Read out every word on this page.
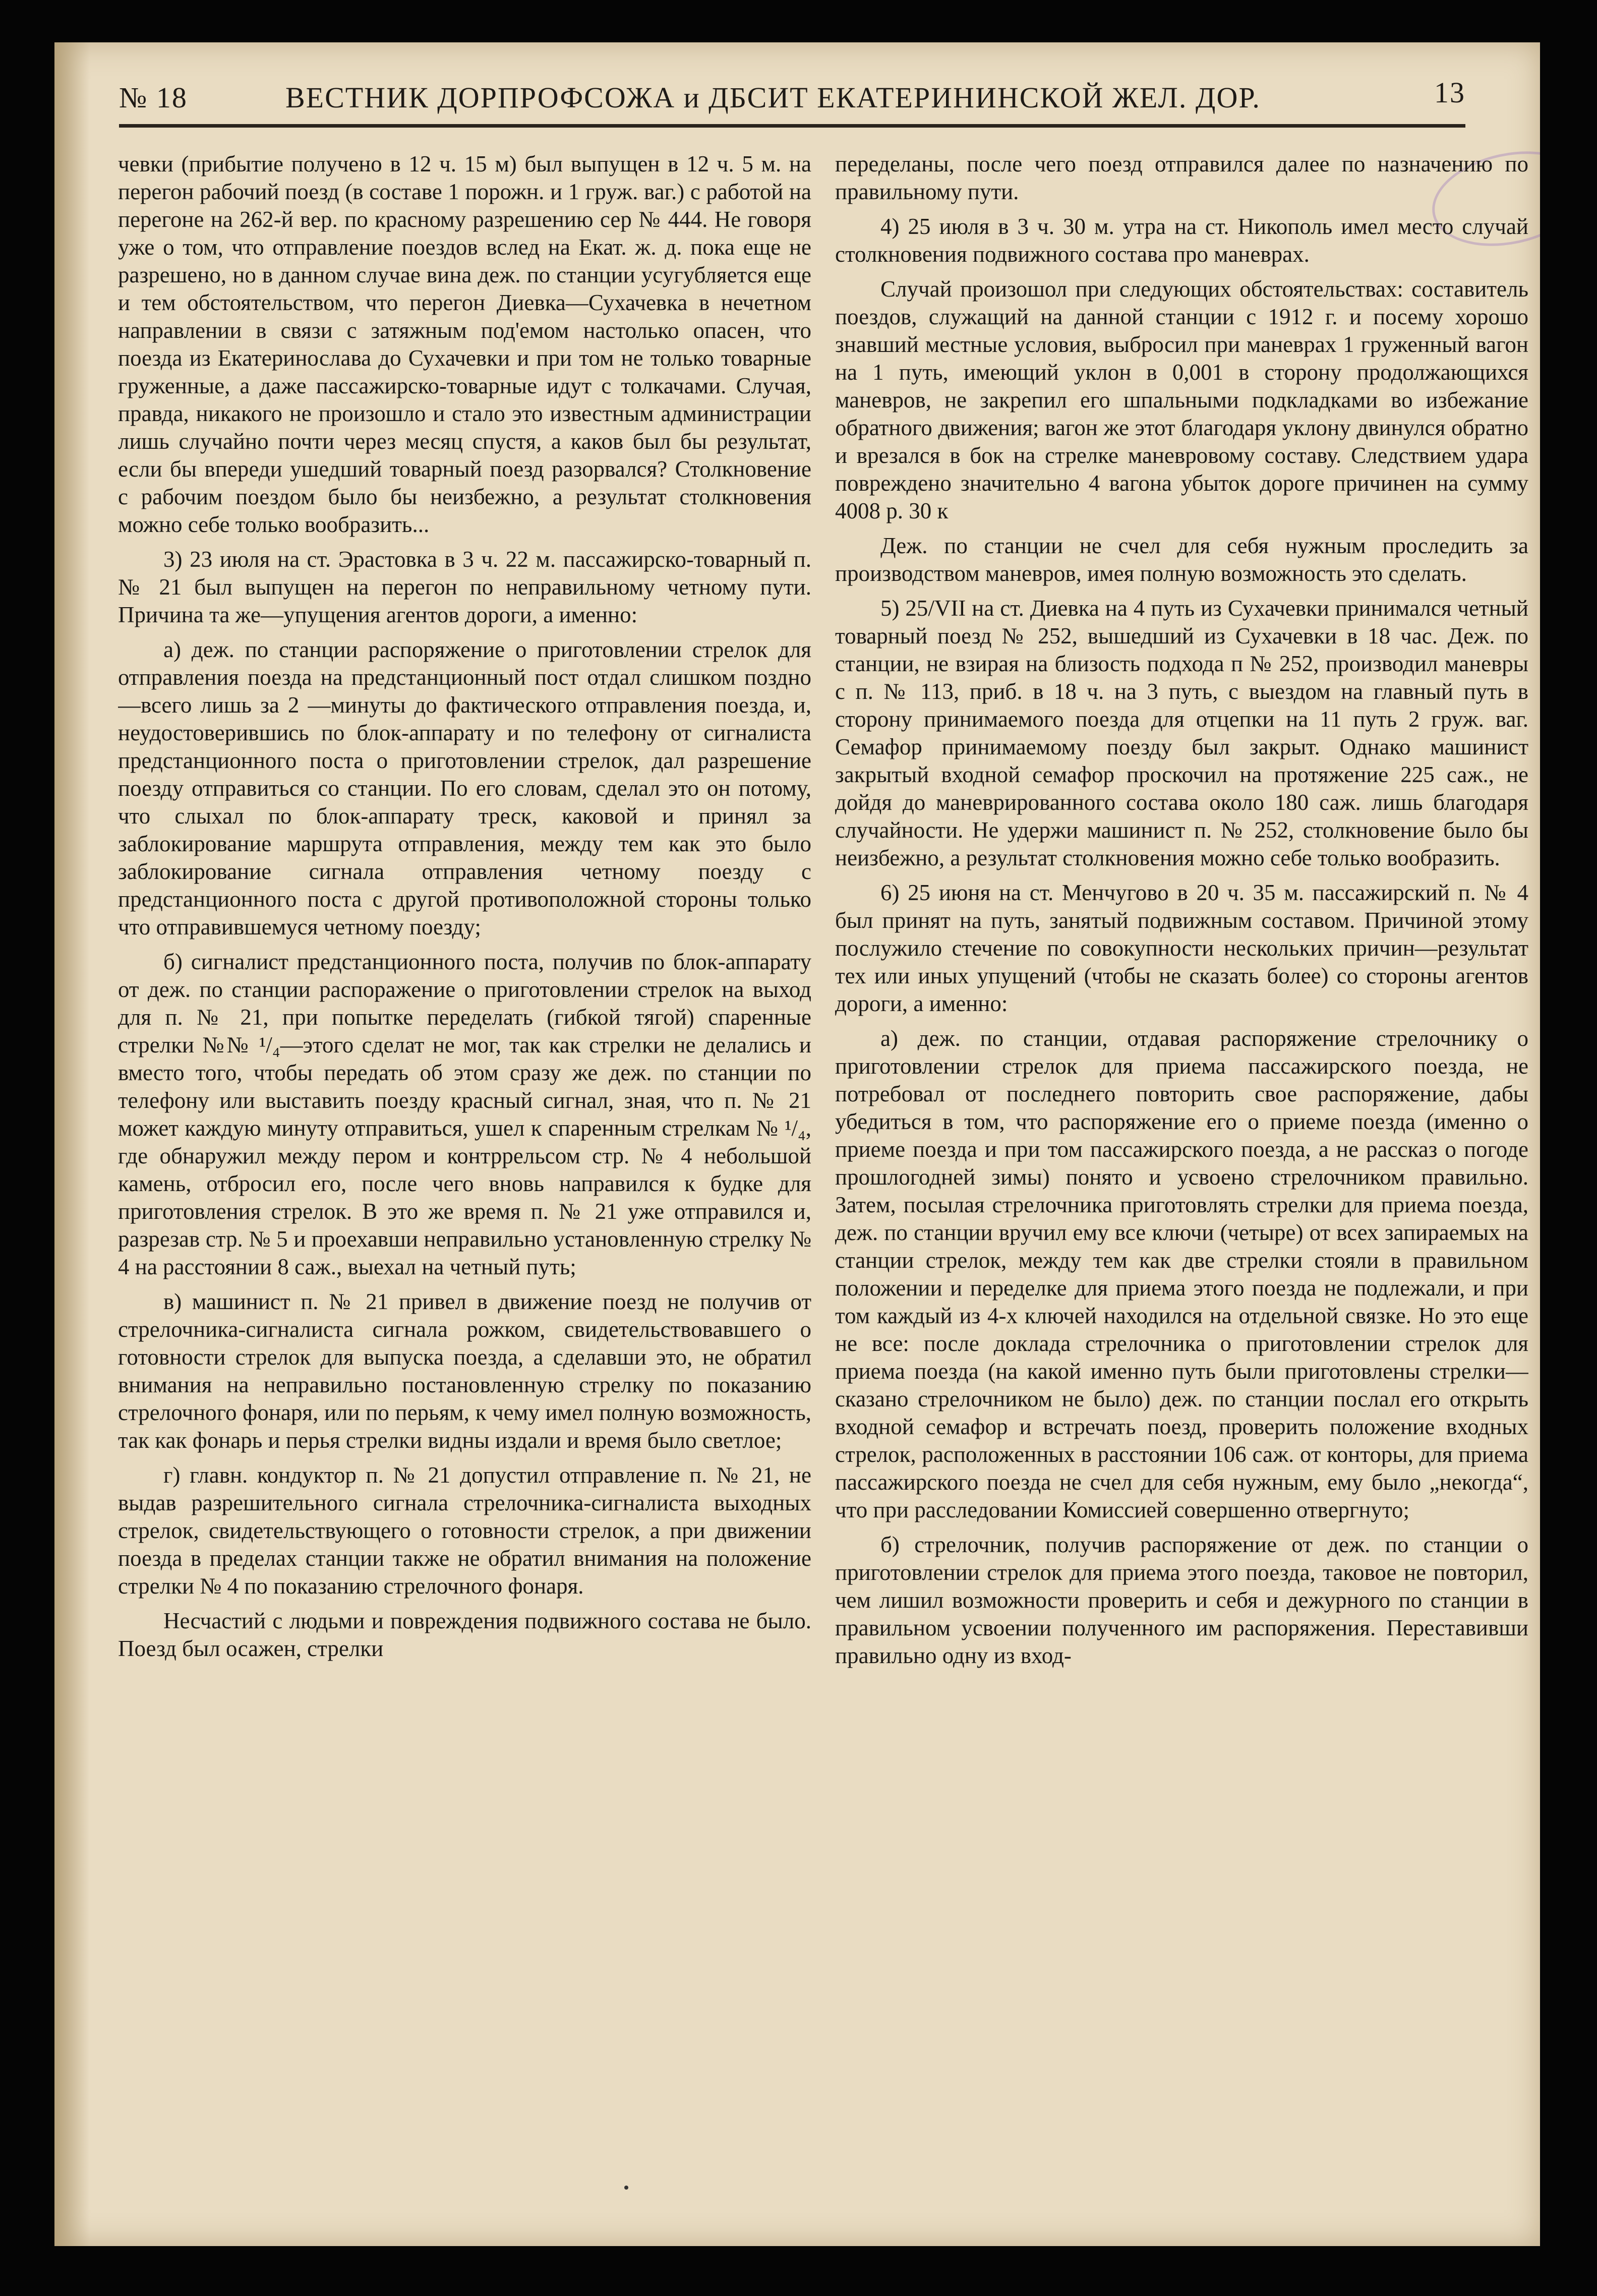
№ 18	ВЕСТНИК ДОРПРОФСОЖА и ДБСИТ ЕКАТЕРИНИНСКОЙ ЖЕЛ. ДОР.	13

чевки (прибытие получено в 12 ч. 15 м) был выпущен в 12 ч. 5 м. на перегон рабочий поезд (в составе 1 порожн. и 1 груж. ваг.) с работой на перегоне на 262-й вер. по красному разрешению сер № 444. Не говоря уже о том, что отправление поездов вслед на Екат. ж. д. пока еще не разрешено, но в данном случае вина деж. по станции усугубляется еще и тем обстоятельством, что перегон Диевка—Сухачевка в нечетном направлении в связи с затяжным под'емом настолько опасен, что поезда из Екатеринослава до Сухачевки и при том не только товарные груженные, а даже пассажирско-товарные идут с толкачами. Случая, правда, никакого не произошло и стало это известным администрации лишь случайно почти через месяц спустя, а каков был бы результат, если бы впереди ушедший товарный поезд разорвался? Столкновение с рабочим поездом было бы неизбежно, а результат столкновения можно себе только вообразить...

3) 23 июля на ст. Эрастовка в 3 ч. 22 м. пассажирско-товарный п. № 21 был выпущен на перегон по неправильному четному пути. Причина та же—упущения агентов дороги, а именно:

а) деж. по станции распоряжение о приготовлении стрелок для отправления поезда на предстанционный пост отдал слишком поздно—всего лишь за 2 —минуты до фактического отправления поезда, и, неудостоверившись по блок-аппарату и по телефону от сигналиста предстанционного поста о приготовлении стрелок, дал разрешение поезду отправиться со станции. По его словам, сделал это он потому, что слыхал по блок-аппарату треск, каковой и принял за заблокирование маршрута отправления, между тем как это было заблокирование сигнала отправления четному поезду с предстанционного поста с другой противоположной стороны только что отправившемуся четному поезду;

б) сигналист предстанционного поста, получив по блок-аппарату от деж. по станции распоражение о приготовлении стрелок на выход для п. № 21, при попытке переделать (гибкой тягой) спаренные стрелки №№ ¹/₄—этого сделат не мог, так как стрелки не делались и вместо того, чтобы передать об этом сразу же деж. по станции по телефону или выставить поезду красный сигнал, зная, что п. № 21 может каждую минуту отправиться, ушел к спаренным стрелкам № ¹/₄, где обнаружил между пером и контррельсом стр. № 4 небольшой камень, отбросил его, после чего вновь направился к будке для приготовления стрелок. В это же время п. № 21 уже отправился и, разрезав стр. № 5 и проехавши неправильно установленную стрелку № 4 на расстоянии 8 саж., выехал на четный путь;

в) машинист п. № 21 привел в движение поезд не получив от стрелочника-сигналиста сигнала рожком, свидетельствовавшего о готовности стрелок для выпуска поезда, а сделавши это, не обратил внимания на неправильно постановленную стрелку по показанию стрелочного фонаря, или по перьям, к чему имел полную возможность, так как фонарь и перья стрелки видны издали и время было светлое;

г) главн. кондуктор п. № 21 допустил отправление п. № 21, не выдав разрешительного сигнала стрелочника-сигналиста выходных стрелок, свидетельствующего о готовности стрелок, а при движении поезда в пределах станции также не обратил внимания на положение стрелки № 4 по показанию стрелочного фонаря.

Несчастий с людьми и повреждения подвижного состава не было. Поезд был осажен, стрелки

переделаны, после чего поезд отправился далее по назначению по правильному пути.

4) 25 июля в 3 ч. 30 м. утра на ст. Никополь имел место случай столкновения подвижного состава про маневрах.

Случай произошол при следующих обстоятельствах: составитель поездов, служащий на данной станции с 1912 г. и посему хорошо знавший местные условия, выбросил при маневрах 1 груженный вагон на 1 путь, имеющий уклон в 0,001 в сторону продолжающихся маневров, не закрепил его шпальными подкладками во избежание обратного движения; вагон же этот благодаря уклону двинулся обратно и врезался в бок на стрелке маневровому составу. Следствием удара повреждено значительно 4 вагона убыток дороге причинен на сумму 4008 р. 30 к

Деж. по станции не счел для себя нужным проследить за производством маневров, имея полную возможность это сделать.

5) 25/VII на ст. Диевка на 4 путь из Сухачевки принимался четный товарный поезд № 252, вышедший из Сухачевки в 18 час. Деж. по станции, не взирая на близость подхода п № 252, производил маневры с п. № 113, приб. в 18 ч. на 3 путь, с выездом на главный путь в сторону принимаемого поезда для отцепки на 11 путь 2 груж. ваг. Семафор принимаемому поезду был закрыт. Однако машинист закрытый входной семафор проскочил на протяжение 225 саж., не дойдя до маневрированного состава около 180 саж. лишь благодаря случайности. Не удержи машинист п. № 252, столкновение было бы неизбежно, а результат столкновения можно себе только вообразить.

6) 25 июня на ст. Менчугово в 20 ч. 35 м. пассажирский п. № 4 был принят на путь, занятый подвижным составом. Причиной этому послужило стечение по совокупности нескольких причин—результат тех или иных упущений (чтобы не сказать более) со стороны агентов дороги, а именно:

а) деж. по станции, отдавая распоряжение стрелочнику о приготовлении стрелок для приема пассажирского поезда, не потребовал от последнего повторить свое распоряжение, дабы убедиться в том, что распоряжение его о приеме поезда (именно о приеме поезда и при том пассажирского поезда, а не рассказ о погоде прошлогодней зимы) понято и усвоено стрелочником правильно. Затем, посылая стрелочника приготовлять стрелки для приема поезда, деж. по станции вручил ему все ключи (четыре) от всех запираемых на станции стрелок, между тем как две стрелки стояли в правильном положении и переделке для приема этого поезда не подлежали, и при том каждый из 4-х ключей находился на отдельной связке. Но это еще не все: после доклада стрелочника о приготовлении стрелок для приема поезда (на какой именно путь были приготовлены стрелки—сказано стрелочником не было) деж. по станции послал его открыть входной семафор и встречать поезд, проверить положение входных стрелок, расположенных в расстоянии 106 саж. от конторы, для приема пассажирского поезда не счел для себя нужным, ему было „некогда“, что при расследовании Комиссией совершенно отвергнуто;

б) стрелочник, получив распоряжение от деж. по станции о приготовлении стрелок для приема этого поезда, таковое не повторил, чем лишил возможности проверить и себя и дежурного по станции в правильном усвоении полученного им распоряжения. Переставивши правильно одну из вход-
